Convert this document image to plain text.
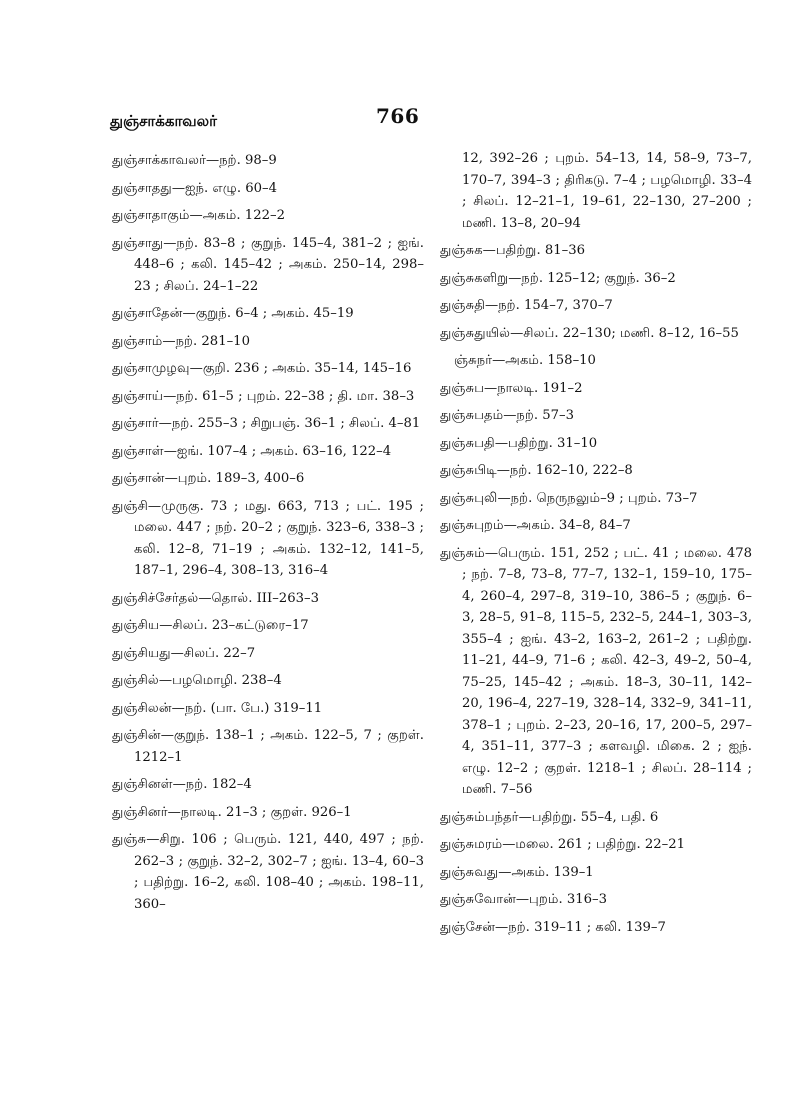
துஞ்சாக்காவலர்	766

துஞ்சாக்காவலர்—நற். 98–9

துஞ்சாதது—ஐந். எழு. 60–4

துஞ்சாதாகும்—அகம். 122–2

துஞ்சாது—நற். 83–8 ; குறுந். 145–4, 381–2 ; ஐங். 448–6 ; கலி. 145–42 ; அகம். 250–14, 298–23 ; சிலப். 24–1–22

துஞ்சாதேன்—குறுந். 6–4 ; அகம். 45–19

துஞ்சாம்—நற். 281–10

துஞ்சாமுழவு—குறி. 236 ; அகம். 35–14, 145–16

துஞ்சாய்—நற். 61–5 ; புறம். 22–38 ; தி. மா. 38–3

துஞ்சார்—நற். 255–3 ; சிறுபஞ். 36–1 ; சிலப். 4–81

துஞ்சாள்—ஐங். 107–4 ; அகம். 63–16, 122–4

துஞ்சான்—புறம். 189–3, 400–6

துஞ்சி—முருகு. 73 ; மது. 663, 713 ; பட். 195 ; மலை. 447 ; நற். 20–2 ; குறுந். 323–6, 338–3 ; கலி. 12–8, 71–19 ; அகம். 132–12, 141–5, 187–1, 296–4, 308–13, 316–4

துஞ்சிச்சேர்தல்—தொல். III–263–3

துஞ்சிய—சிலப். 23–கட்டுரை–17

துஞ்சியது—சிலப். 22–7

துஞ்சில்—பழமொழி. 238–4

துஞ்சிலன்—நற். (பா. பே.) 319–11

துஞ்சின்—குறுந். 138–1 ; அகம். 122–5, 7 ; குறள். 1212–1

துஞ்சினள்—நற். 182–4

துஞ்சினர்—நாலடி. 21–3 ; குறள். 926–1

துஞ்சு—சிறு. 106 ; பெரும். 121, 440, 497 ; நற். 262–3 ; குறுந். 32–2, 302–7 ; ஐங். 13–4, 60–3 ; பதிற்று. 16–2, கலி. 108–40 ; அகம். 198–11, 360–

12, 392–26 ; புறம். 54–13, 14, 58–9, 73–7, 170–7, 394–3 ; திரிகடு. 7–4 ; பழமொழி. 33–4 ; சிலப். 12–21–1, 19–61, 22–130, 27–200 ; மணி. 13–8, 20–94

துஞ்சுக—பதிற்று. 81–36

துஞ்சுகளிறு—நற். 125–12; குறுந். 36–2

துஞ்சுதி—நற். 154–7, 370–7

துஞ்சுதுயில்—சிலப். 22–130; மணி. 8–12, 16–55

ஞ்சுநர்—அகம். 158–10

துஞ்சுப—நாலடி. 191–2

துஞ்சுபதம்—நற். 57–3

துஞ்சுபதி—பதிற்று. 31–10

துஞ்சுபிடி—நற். 162–10, 222–8

துஞ்சுபுலி—நற். நெருநலும்–9 ; புறம். 73–7

துஞ்சுபுறம்—அகம். 34–8, 84–7

துஞ்சும்—பெரும். 151, 252 ; பட். 41 ; மலை. 478 ; நற். 7–8, 73–8, 77–7, 132–1, 159–10, 175–4, 260–4, 297–8, 319–10, 386–5 ; குறுந். 6–3, 28–5, 91–8, 115–5, 232–5, 244–1, 303–3, 355–4 ; ஐங். 43–2, 163–2, 261–2 ; பதிற்று. 11–21, 44–9, 71–6 ; கலி. 42–3, 49–2, 50–4, 75–25, 145–42 ; அகம். 18–3, 30–11, 142–20, 196–4, 227–19, 328–14, 332–9, 341–11, 378–1 ; புறம். 2–23, 20–16, 17, 200–5, 297–4, 351–11, 377–3 ; களவழி. மிகை. 2 ; ஐந். எழு. 12–2 ; குறள். 1218–1 ; சிலப். 28–114 ; மணி. 7–56

துஞ்சும்பந்தர்—பதிற்று. 55–4, பதி. 6

துஞ்சுமரம்—மலை. 261 ; பதிற்று. 22–21

துஞ்சுவது—அகம். 139–1

துஞ்சுவோன்—புறம். 316–3

துஞ்சேன்—நற். 319–11 ; கலி. 139–7
